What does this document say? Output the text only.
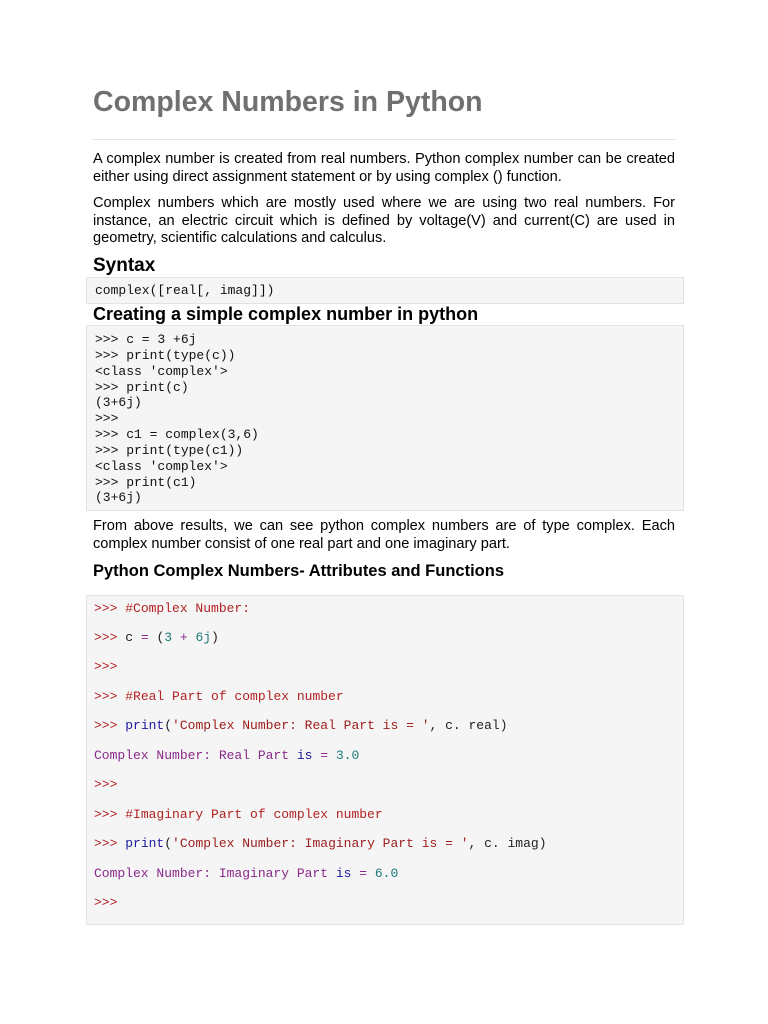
Complex Numbers in Python

A complex number is created from real numbers. Python complex number can be created either using direct assignment statement or by using complex () function.

Complex numbers which are mostly used where we are using two real numbers. For instance, an electric circuit which is defined by voltage(V) and current(C) are used in geometry, scientific calculations and calculus.

Syntax
complex([real[, imag]])
Creating a simple complex number in python
>>> c = 3 +6j
>>> print(type(c))
<class 'complex'>
>>> print(c)
(3+6j)
>>>
>>> c1 = complex(3,6)
>>> print(type(c1))
<class 'complex'>
>>> print(c1)
(3+6j)

From above results, we can see python complex numbers are of type complex. Each complex number consist of one real part and one imaginary part.

Python Complex Numbers- Attributes and Functions
>>> #Complex Number:
>>> c = (3 + 6j)
>>>
>>> #Real Part of complex number
>>> print('Complex Number: Real Part is = ', c. real)
Complex Number: Real Part is = 3.0
>>>
>>> #Imaginary Part of complex number
>>> print('Complex Number: Imaginary Part is = ', c. imag)
Complex Number: Imaginary Part is = 6.0
>>>
